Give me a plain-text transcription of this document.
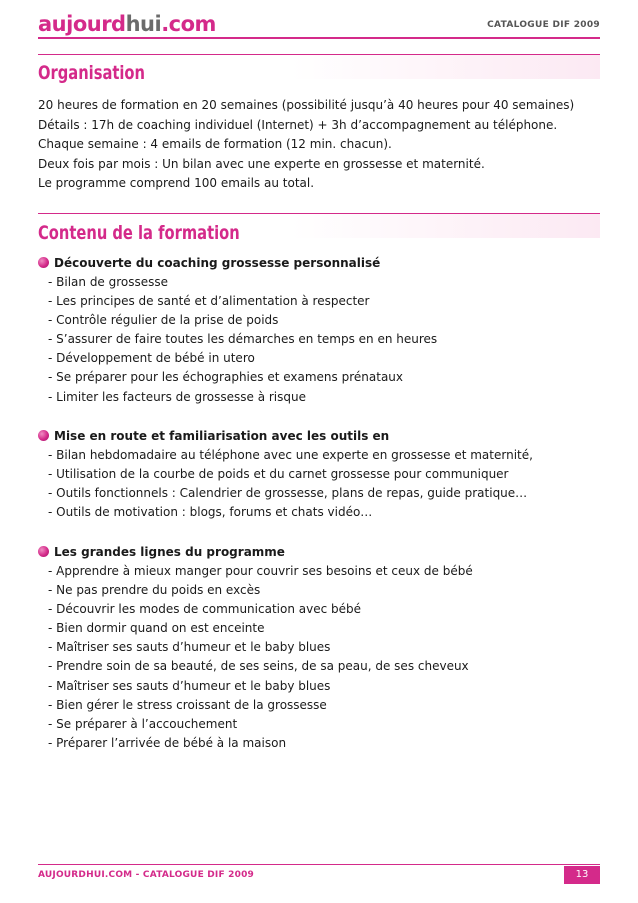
aujourdhui.com	CATALOGUE DIF 2009
Organisation

20 heures de formation en 20 semaines (possibilité jusqu’à 40 heures pour 40 semaines)

Détails : 17h de coaching individuel (Internet) + 3h d’accompagnement au téléphone.

Chaque semaine : 4 emails de formation (12 min. chacun).

Deux fois par mois : Un bilan avec une experte en grossesse et maternité.

Le programme comprend 100 emails au total.

Contenu de la formation
Découverte du coaching grossesse personnalisé
- Bilan de grossesse
- Les principes de santé et d’alimentation à respecter
- Contrôle régulier de la prise de poids
- S’assurer de faire toutes les démarches en temps en en heures
- Développement de bébé in utero
- Se préparer pour les échographies et examens prénataux
- Limiter les facteurs de grossesse à risque
Mise en route et familiarisation avec les outils en
- Bilan hebdomadaire au téléphone avec une experte en grossesse et maternité,
- Utilisation de la courbe de poids et du carnet grossesse pour communiquer
- Outils fonctionnels : Calendrier de grossesse, plans de repas, guide pratique…
- Outils de motivation : blogs, forums et chats vidéo…
Les grandes lignes du programme
- Apprendre à mieux manger pour couvrir ses besoins et ceux de bébé
- Ne pas prendre du poids en excès
- Découvrir les modes de communication avec bébé
- Bien dormir quand on est enceinte
- Maîtriser ses sauts d’humeur et le baby blues
- Prendre soin de sa beauté, de ses seins, de sa peau, de ses cheveux
- Maîtriser ses sauts d’humeur et le baby blues
- Bien gérer le stress croissant de la grossesse
- Se préparer à l’accouchement
- Préparer l’arrivée de bébé à la maison
AUJOURDHUI.COM - CATALOGUE DIF 2009	13
